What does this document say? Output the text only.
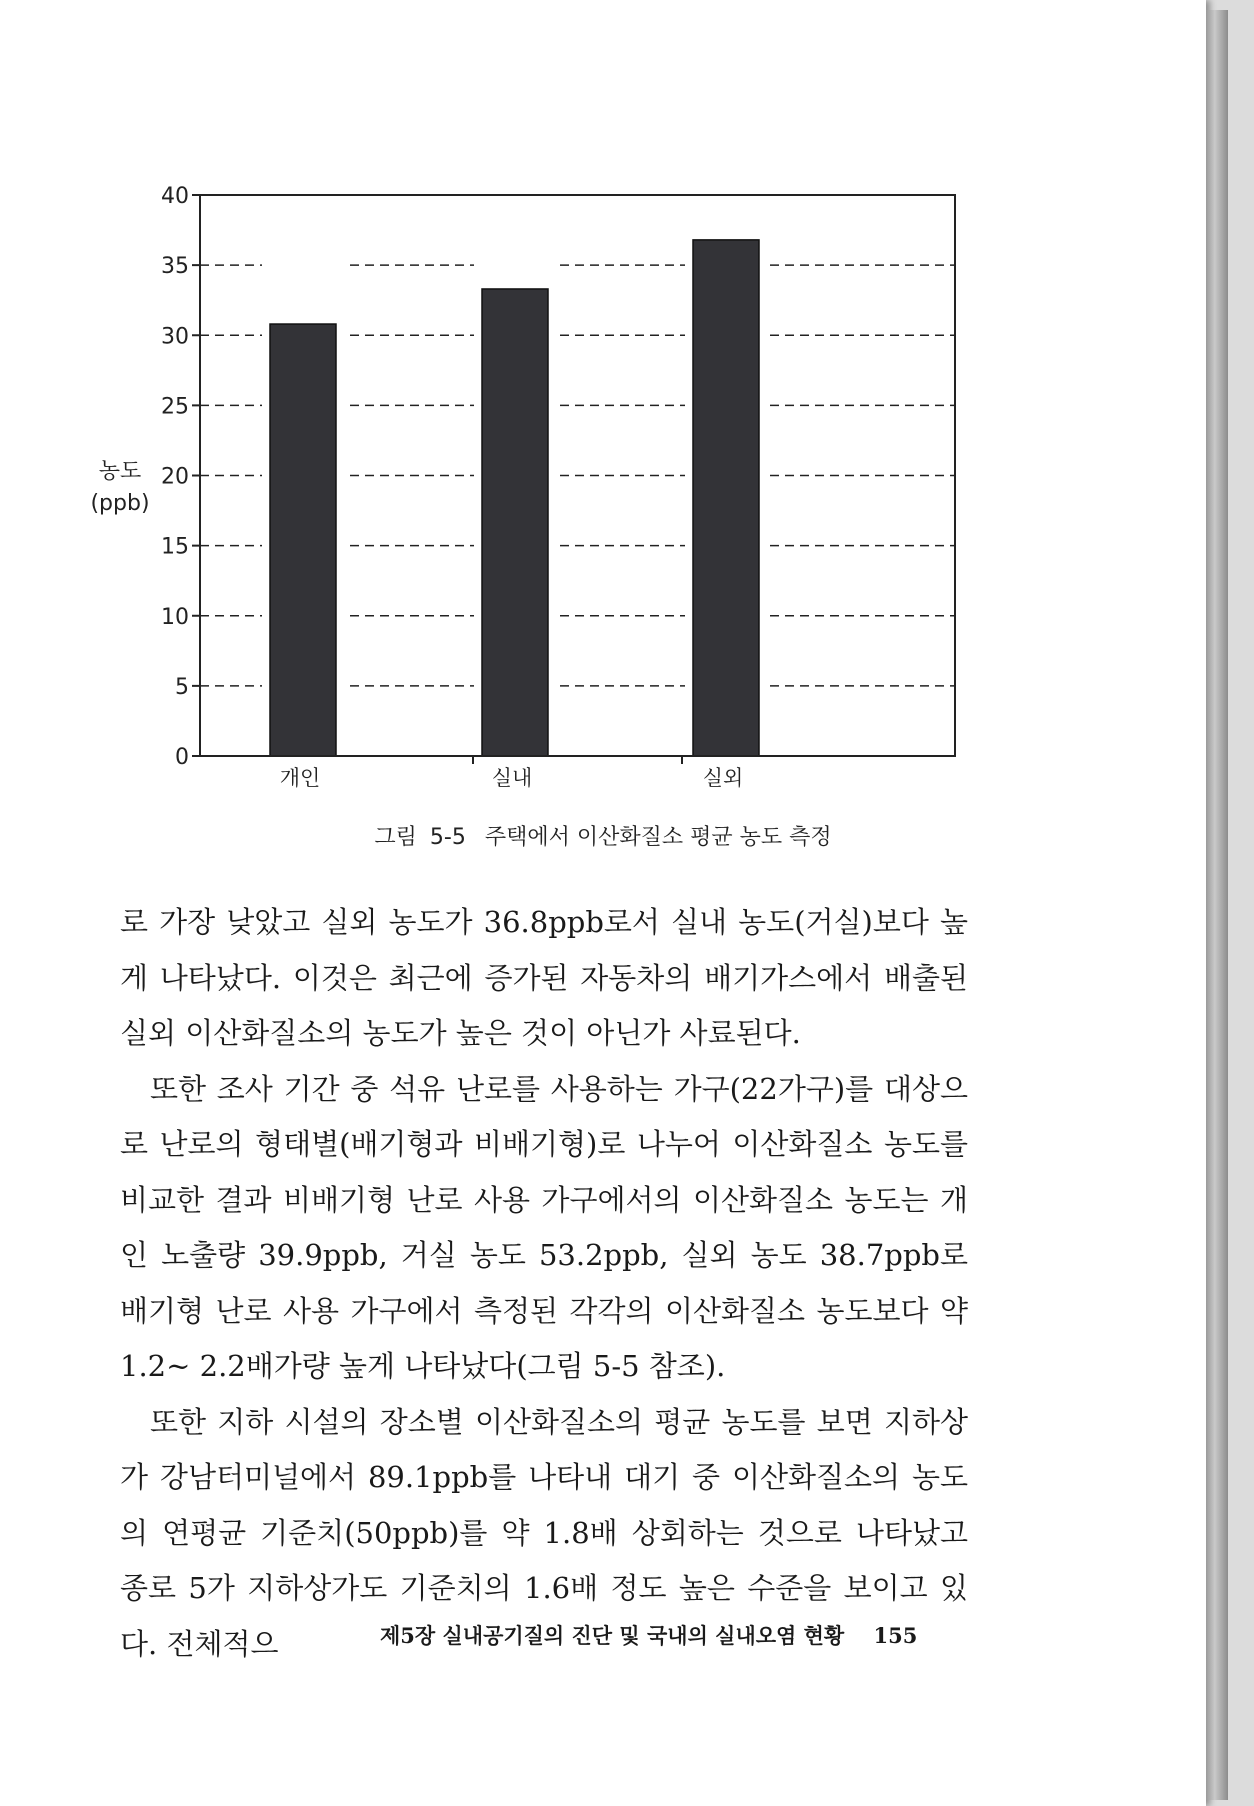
0
5
10
15
20
25
30
35
40
개인	실내	실외
농도
(ppb)
그림 5-5 주택에서 이산화질소 평균 농도 측정

로 가장 낮았고 실외 농도가 36.8ppb로서 실내 농도(거실)보다 높게 나타났다. 이것은 최근에 증가된 자동차의 배기가스에서 배출된 실외 이산화질소의 농도가 높은 것이 아닌가 사료된다.

또한 조사 기간 중 석유 난로를 사용하는 가구(22가구)를 대상으로 난로의 형태별(배기형과 비배기형)로 나누어 이산화질소 농도를 비교한 결과 비배기형 난로 사용 가구에서의 이산화질소 농도는 개인 노출량 39.9ppb, 거실 농도 53.2ppb, 실외 농도 38.7ppb로 배기형 난로 사용 가구에서 측정된 각각의 이산화질소 농도보다 약 1.2~ 2.2배가량 높게 나타났다(그림 5-5 참조).

또한 지하 시설의 장소별 이산화질소의 평균 농도를 보면 지하상가 강남터미널에서 89.1ppb를 나타내 대기 중 이산화질소의 농도의 연평균 기준치(50ppb)를 약 1.8배 상회하는 것으로 나타났고 종로 5가 지하상가도 기준치의 1.6배 정도 높은 수준을 보이고 있다. 전체적으	제5장 실내공기질의 진단 및 국내의 실내오염 현황 155
